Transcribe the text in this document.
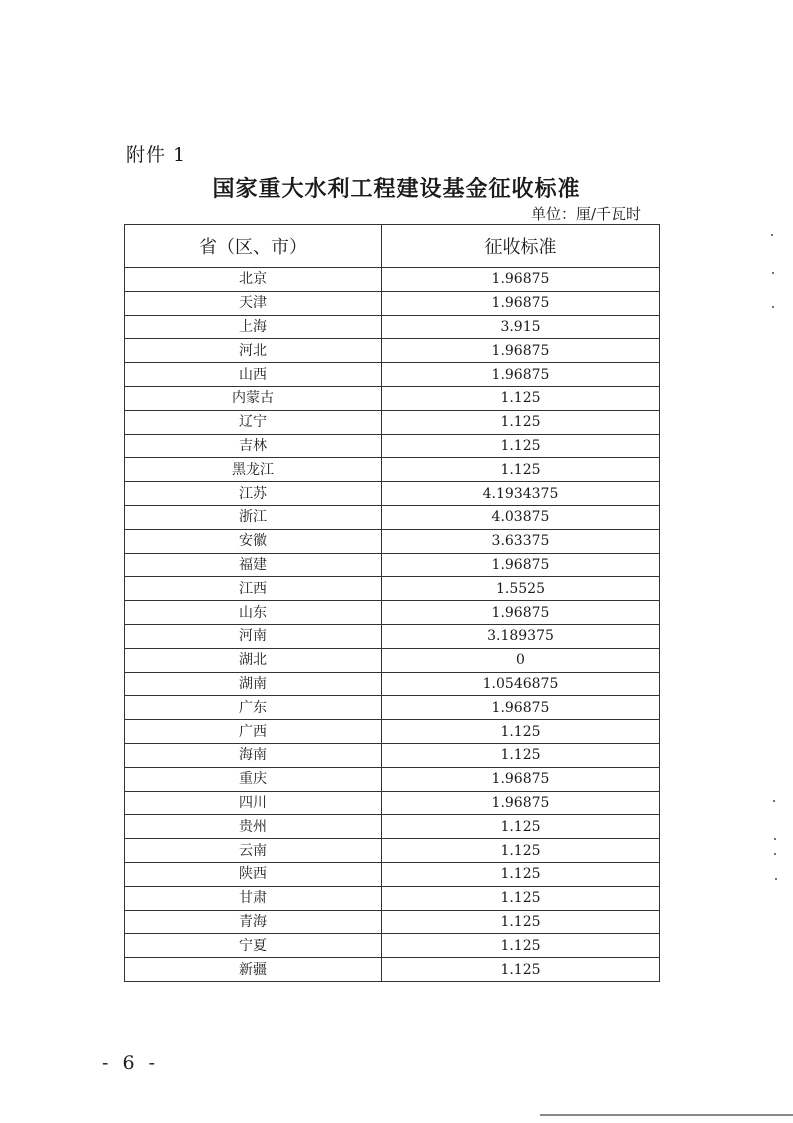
附件 1
国家重大水利工程建设基金征收标准
单位：厘/千瓦时
省（区、市）	征收标准
北京	1.96875
天津	1.96875
上海	3.915
河北	1.96875
山西	1.96875
内蒙古	1.125
辽宁	1.125
吉林	1.125
黑龙江	1.125
江苏	4.1934375
浙江	4.03875
安徽	3.63375
福建	1.96875
江西	1.5525
山东	1.96875
河南	3.189375
湖北	0
湖南	1.0546875
广东	1.96875
广西	1.125
海南	1.125
重庆	1.96875
四川	1.96875
贵州	1.125
云南	1.125
陕西	1.125
甘肃	1.125
青海	1.125
宁夏	1.125
新疆	1.125
- 6 -
